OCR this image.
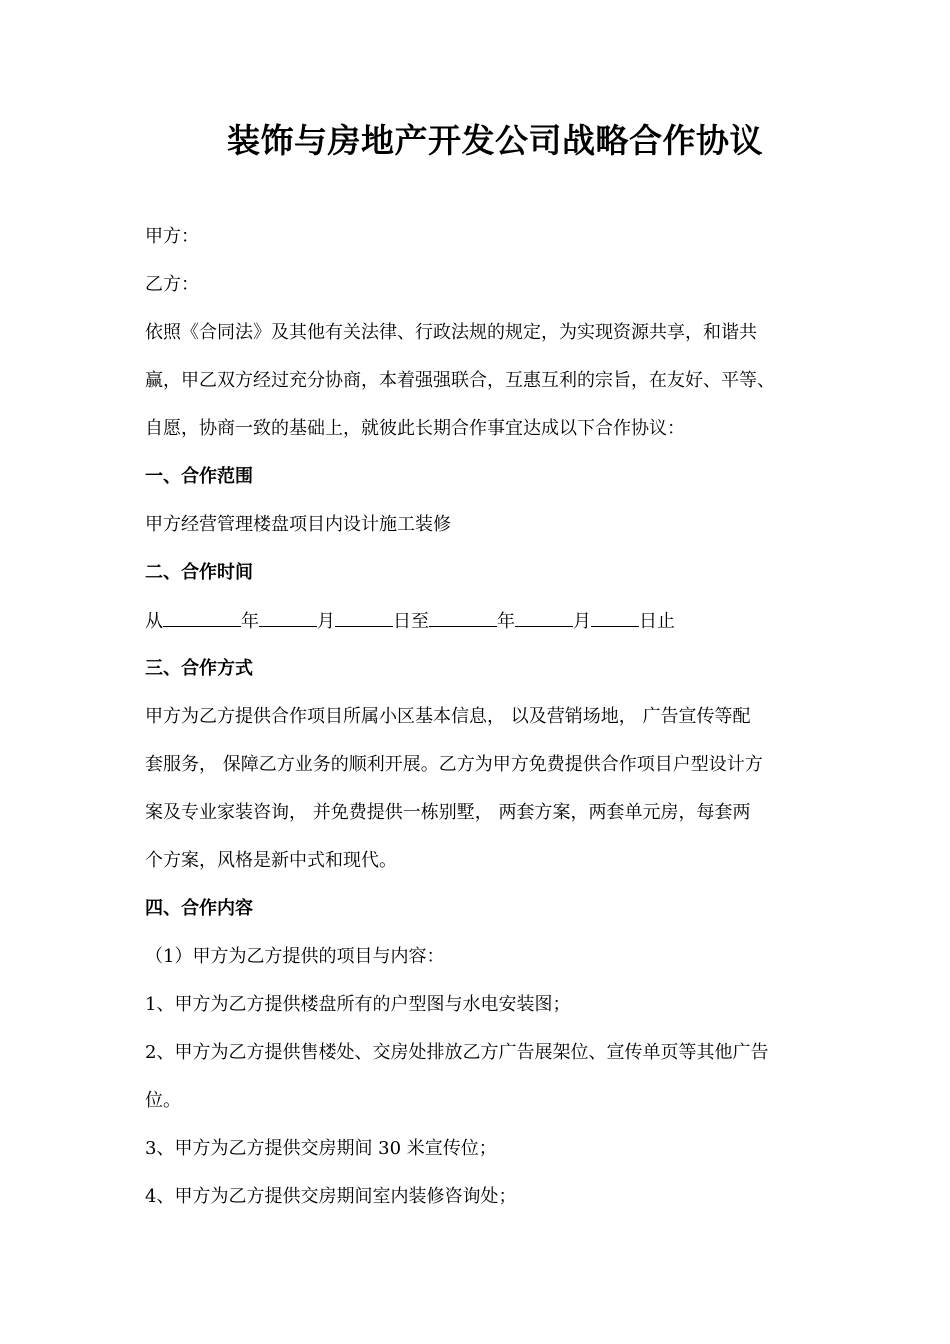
装饰与房地产开发公司战略合作协议
甲方：
乙方：
依照《合同法》及其他有关法律、行政法规的规定，为实现资源共享，和谐共
赢，甲乙双方经过充分协商，本着强强联合，互惠互利的宗旨，在友好、平等、
自愿，协商一致的基础上，就彼此长期合作事宜达成以下合作协议：
一、合作范围
甲方经营管理楼盘项目内设计施工装修
二、合作时间
从	年	月	日至	年	月	日止
三、合作方式
甲方为乙方提供合作项目所属小区基本信息， 以及营销场地， 广告宣传等配
套服务， 保障乙方业务的顺利开展。乙方为甲方免费提供合作项目户型设计方
案及专业家装咨询， 并免费提供一栋别墅， 两套方案，两套单元房，每套两
个方案，风格是新中式和现代。
四、合作内容
（1）甲方为乙方提供的项目与内容：
1、甲方为乙方提供楼盘所有的户型图与水电安装图；
2、甲方为乙方提供售楼处、交房处排放乙方广告展架位、宣传单页等其他广告
位。
3、甲方为乙方提供交房期间 30 米宣传位；
4、甲方为乙方提供交房期间室内装修咨询处；
